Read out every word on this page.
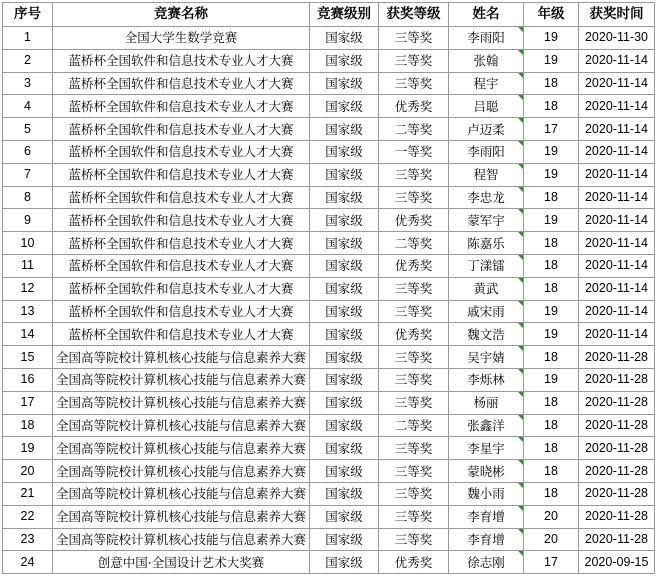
序号	竞赛名称	竞赛级别	获奖等级	姓名	年级	获奖时间
1	全国大学生数学竞赛	国家级	三等奖	李雨阳	19	2020-11-30
2	蓝桥杯全国软件和信息技术专业人才大赛	国家级	三等奖	张翰	19	2020-11-14
3	蓝桥杯全国软件和信息技术专业人才大赛	国家级	三等奖	程宇	18	2020-11-14
4	蓝桥杯全国软件和信息技术专业人才大赛	国家级	优秀奖	吕聪	18	2020-11-14
5	蓝桥杯全国软件和信息技术专业人才大赛	国家级	二等奖	卢迈柔	17	2020-11-14
6	蓝桥杯全国软件和信息技术专业人才大赛	国家级	一等奖	李雨阳	19	2020-11-14
7	蓝桥杯全国软件和信息技术专业人才大赛	国家级	三等奖	程智	19	2020-11-14
8	蓝桥杯全国软件和信息技术专业人才大赛	国家级	三等奖	李忠龙	18	2020-11-14
9	蓝桥杯全国软件和信息技术专业人才大赛	国家级	优秀奖	蒙军宇	19	2020-11-14
10	蓝桥杯全国软件和信息技术专业人才大赛	国家级	二等奖	陈嘉乐	18	2020-11-14
11	蓝桥杯全国软件和信息技术专业人才大赛	国家级	优秀奖	丁漾镭	18	2020-11-14
12	蓝桥杯全国软件和信息技术专业人才大赛	国家级	三等奖	黄武	18	2020-11-14
13	蓝桥杯全国软件和信息技术专业人才大赛	国家级	三等奖	戚宋雨	19	2020-11-14
14	蓝桥杯全国软件和信息技术专业人才大赛	国家级	优秀奖	魏文浩	19	2020-11-14
15	全国高等院校计算机核心技能与信息素养大赛	国家级	三等奖	吴宇婧	18	2020-11-28
16	全国高等院校计算机核心技能与信息素养大赛	国家级	三等奖	李烁林	19	2020-11-28
17	全国高等院校计算机核心技能与信息素养大赛	国家级	三等奖	杨丽	18	2020-11-28
18	全国高等院校计算机核心技能与信息素养大赛	国家级	二等奖	张鑫洋	18	2020-11-28
19	全国高等院校计算机核心技能与信息素养大赛	国家级	三等奖	李星宇	18	2020-11-28
20	全国高等院校计算机核心技能与信息素养大赛	国家级	三等奖	蒙晓彬	18	2020-11-28
21	全国高等院校计算机核心技能与信息素养大赛	国家级	三等奖	魏小雨	18	2020-11-28
22	全国高等院校计算机核心技能与信息素养大赛	国家级	三等奖	李育增	20	2020-11-28
23	全国高等院校计算机核心技能与信息素养大赛	国家级	三等奖	李育增	20	2020-11-28
24	创意中国·全国设计艺术大奖赛	国家级	优秀奖	徐志刚	17	2020-09-15
